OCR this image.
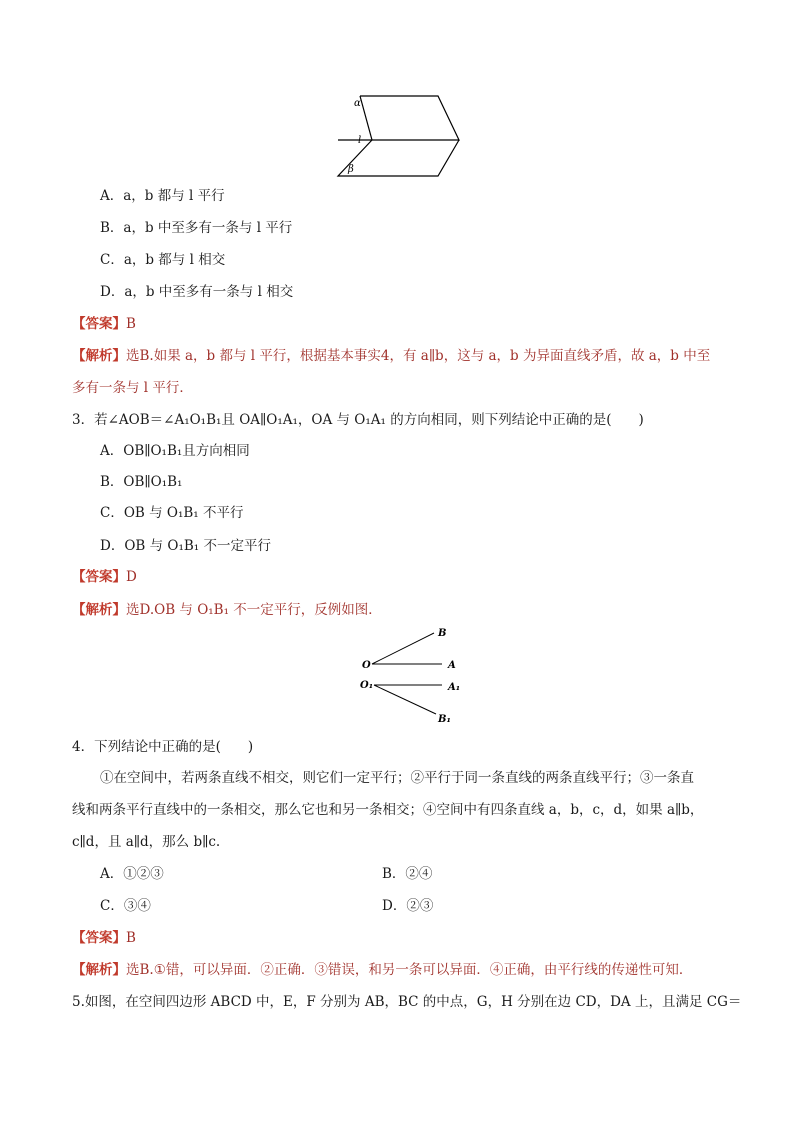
α
l
β
A．a，b 都与 l 平行
B．a，b 中至多有一条与 l 平行
C．a，b 都与 l 相交
D．a，b 中至多有一条与 l 相交
【答案】B
【解析】选B.如果 a，b 都与 l 平行，根据基本事实4，有 a∥b，这与 a，b 为异面直线矛盾，故 a，b 中至
多有一条与 l 平行．
3．若∠AOB＝∠A₁O₁B₁且 OA∥O₁A₁，OA 与 O₁A₁ 的方向相同，则下列结论中正确的是(　　)
A．OB∥O₁B₁且方向相同
B．OB∥O₁B₁
C．OB 与 O₁B₁ 不平行
D．OB 与 O₁B₁ 不一定平行
【答案】D
【解析】选D.OB 与 O₁B₁ 不一定平行，反例如图．
B
O	A
O₁	A₁
B₁
4．下列结论中正确的是(　　)
①在空间中，若两条直线不相交，则它们一定平行；②平行于同一条直线的两条直线平行；③一条直
线和两条平行直线中的一条相交，那么它也和另一条相交；④空间中有四条直线 a，b，c，d，如果 a∥b，
c∥d，且 a∥d，那么 b∥c.
A．①②③	B．②④
C．③④	D．②③
【答案】B
【解析】选B.①错，可以异面．②正确．③错误，和另一条可以异面．④正确，由平行线的传递性可知．
5.如图，在空间四边形 ABCD 中，E，F 分别为 AB，BC 的中点，G，H 分别在边 CD，DA 上，且满足 CG＝
